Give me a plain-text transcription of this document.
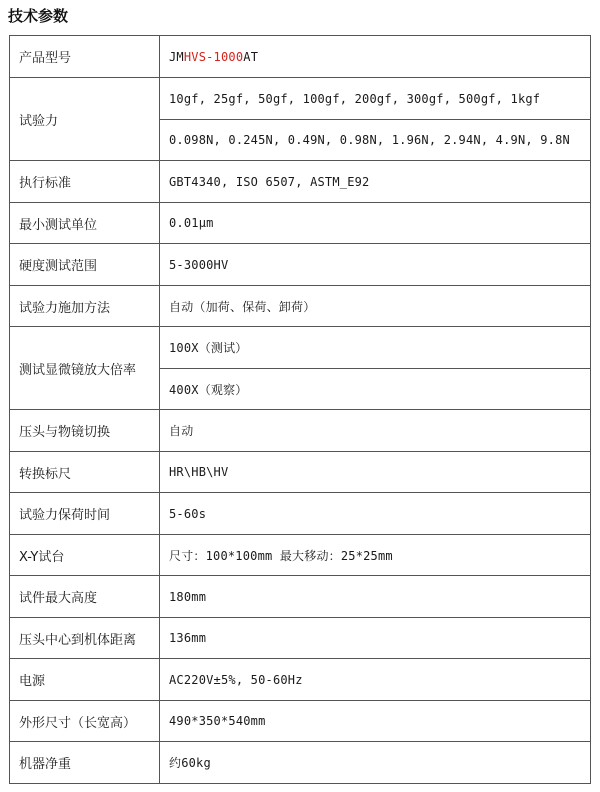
技术参数
产品型号	JMHVS-1000AT
试验力	10gf, 25gf, 50gf, 100gf, 200gf, 300gf, 500gf, 1kgf
	0.098N, 0.245N, 0.49N, 0.98N, 1.96N, 2.94N, 4.9N, 9.8N
执行标准	GBT4340, ISO 6507, ASTM_E92
最小测试单位	0.01μm
硬度测试范围	5-3000HV
试验力施加方法	自动（加荷、保荷、卸荷）
测试显微镜放大倍率	100X（测试）
	400X（观察）
压头与物镜切换	自动
转换标尺	HR\HB\HV
试验力保荷时间	5-60s
X-Y试台	尺寸：100*100mm 最大移动：25*25mm
试件最大高度	180mm
压头中心到机体距离	136mm
电源	AC220V±5%, 50-60Hz
外形尺寸（长宽高）	490*350*540mm
机器净重	约60kg
